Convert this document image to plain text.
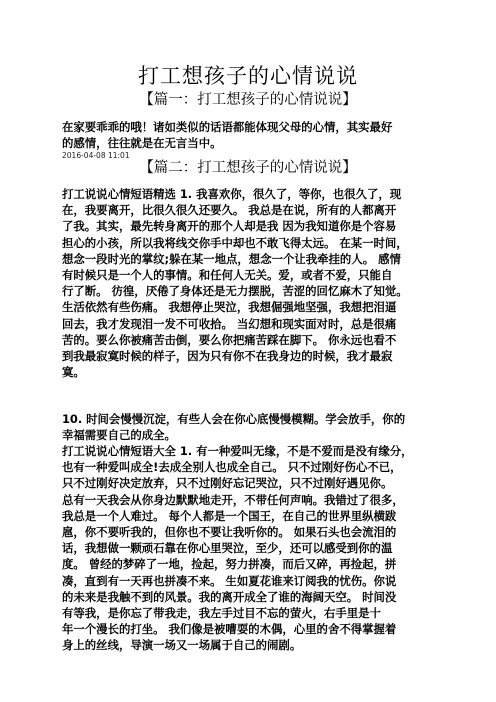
打工想孩子的心情说说
【篇一：打工想孩子的心情说说】
在家要乖乖的哦！诸如类似的话语都能体现父母的心情，其实最好
的感情，往往就是在无言当中。
2016-04-08 11:01
【篇二：打工想孩子的心情说说】
打工说说心情短语精选 1. 我喜欢你，很久了，等你，也很久了，现
在，我要离开，比很久很久还要久。 我总是在说，所有的人都离开
了我。其实，最先转身离开的那个人却是我 因为我知道你是个容易
担心的小孩，所以我将线交你手中却也不敢飞得太远。 在某一时间，
想念一段时光的掌纹;躲在某一地点，想念一个让我牵挂的人。 感情
有时候只是一个人的事情。和任何人无关。爱，或者不爱，只能自
行了断。 彷徨，厌倦了身体还是无力摆脱，苦涩的回忆麻木了知觉。
生活依然有些伤痛。 我想停止哭泣，我想倔强地坚强，我想把泪逼
回去，我才发现泪一发不可收拾。 当幻想和现实面对时，总是很痛
苦的。要么你被痛苦击倒，要么你把痛苦踩在脚下。 你永远也看不
到我最寂寞时候的样子，因为只有你不在我身边的时候，我才最寂
寞。
10. 时间会慢慢沉淀，有些人会在你心底慢慢模糊。学会放手，你的
幸福需要自己的成全。
打工说说心情短语大全 1. 有一种爱叫无缘，不是不爱而是没有缘分，
也有一种爱叫成全!去成全别人也成全自己。 只不过刚好伤心不已，
只不过刚好决定放弃，只不过刚好忘记哭泣，只不过刚好遇见你。
总有一天我会从你身边默默地走开，不带任何声响。我错过了很多，
我总是一个人难过。 每个人都是一个国王，在自己的世界里纵横跋
扈，你不要听我的，但你也不要让我听你的。 如果石头也会流泪的
话，我想做一颗顽石靠在你心里哭泣，至少，还可以感受到你的温
度。 曾经的梦碎了一地，捡起，努力拼凑，而后又碎，再捡起，拼
凑，直到有一天再也拼凑不来。 生如夏花谁来订阅我的忧伤。你说
的未来是我触不到的风景。我的离开成全了谁的海阔天空。 时间没
有等我，是你忘了带我走，我左手过目不忘的萤火，右手里是十
年一个漫长的打坐。 我们像是被嘈耍的木偶，心里的舍不得掌握着
身上的丝线，导演一场又一场属于自己的闹剧。
